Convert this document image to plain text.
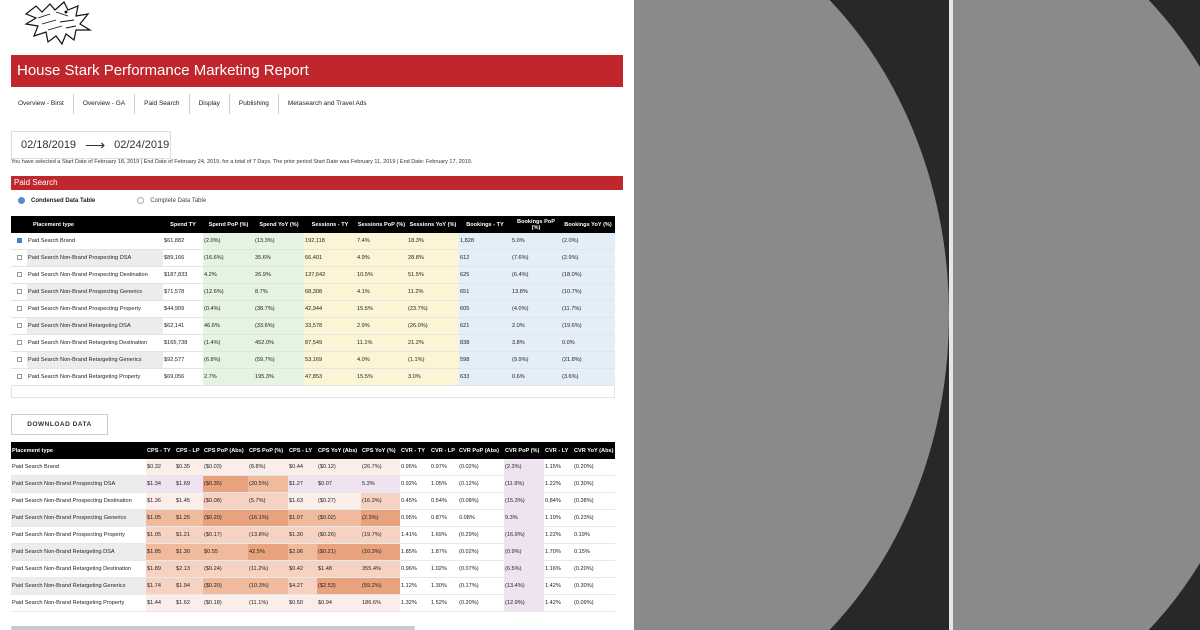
House Stark Performance Marketing Report
Overview - Birst	Overview - GA	Paid Search	Display	Publishing	Metasearch and Travel Ads
02/18/2019 ⟶ 02/24/2019
You have selected a Start Date of February 18, 2019 | End Date of February 24, 2019, for a total of 7 Days. The prior period Start Date was February 11, 2019 | End Date: February 17, 2019.
Paid Search
Condensed Data Table	Complete Data Table
	Placement type	Spend TY	Spend PoP (%)	Spend YoY (%)	Sessions - TY	Sessions PoP (%)	Sessions YoY (%)	Bookings - TY	Bookings PoP (%)	Bookings YoY (%)
	Paid Search Brand	$61,882	(2.0%)	(13.3%)	192,118	7.4%	18.3%	1,828	5.0%	(2.0%)
	Paid Search Non-Brand Prospecting DSA	$89,166	(16.6%)	35.6%	66,401	4.9%	28.8%	612	(7.6%)	(2.9%)
	Paid Search Non-Brand Prospecting Destination	$187,833	4.2%	26.9%	137,642	10.5%	51.5%	625	(6.4%)	(18.0%)
	Paid Search Non-Brand Prospecting Generics	$71,578	(12.6%)	8.7%	68,308	4.1%	11.2%	651	13.8%	(10.7%)
	Paid Search Non-Brand Prospecting Property	$44,909	(0.4%)	(38.7%)	42,944	15.5%	(23.7%)	605	(4.0%)	(11.7%)
	Paid Search Non-Brand Retargeting DSA	$62,141	46.6%	(33.6%)	33,578	2.9%	(26.0%)	621	2.0%	(19.6%)
	Paid Search Non-Brand Retargeting Destination	$165,738	(1.4%)	452.0%	87,549	11.1%	21.2%	838	3.8%	0.0%
	Paid Search Non-Brand Retargeting Generics	$92,577	(6.8%)	(59.7%)	53,169	4.0%	(1.1%)	598	(9.9%)	(21.8%)
	Paid Search Non-Brand Retargeting Property	$69,056	2.7%	195.3%	47,853	15.5%	3.0%	633	0.6%	(3.6%)
DOWNLOAD DATA
Placement type	CPS - TY	CPS - LP	CPS PoP (Abs)	CPS PoP (%)	CPS - LY	CPS YoY (Abs)	CPS YoY (%)	CVR - TY	CVR - LP	CVR PoP (Abs)	CVR PoP (%)	CVR - LY	CVR YoY (Abs)
Paid Search Brand	$0.32	$0.35	($0.03)	(8.8%)	$0.44	($0.12)	(26.7%)	0.95%	0.97%	(0.02%)	(2.3%)	1.15%	(0.20%)
Paid Search Non-Brand Prospecting DSA	$1.34	$1.69	($0.35)	(20.5%)	$1.27	$0.07	5.3%	0.92%	1.05%	(0.12%)	(11.9%)	1.22%	(0.30%)
Paid Search Non-Brand Prospecting Destination	$1.36	$1.45	($0.08)	(5.7%)	$1.63	($0.27)	(16.3%)	0.45%	0.54%	(0.08%)	(15.3%)	0.84%	(0.38%)
Paid Search Non-Brand Prospecting Generics	$1.05	$1.25	($0.20)	(16.1%)	$1.07	($0.02)	(2.3%)	0.95%	0.87%	0.08%	9.3%	1.19%	(0.23%)
Paid Search Non-Brand Prospecting Property	$1.05	$1.21	($0.17)	(13.8%)	$1.30	($0.26)	(19.7%)	1.41%	1.69%	(0.29%)	(16.9%)	1.22%	0.19%
Paid Search Non-Brand Retargeting DSA	$1.85	$1.30	$0.55	42.5%	$2.06	($0.21)	(10.3%)	1.85%	1.87%	(0.02%)	(0.9%)	1.70%	0.15%
Paid Search Non-Brand Retargeting Destination	$1.89	$2.13	($0.24)	(11.2%)	$0.42	$1.48	355.4%	0.96%	1.02%	(0.07%)	(6.5%)	1.16%	(0.20%)
Paid Search Non-Brand Retargeting Generics	$1.74	$1.94	($0.20)	(10.3%)	$4.27	($2.53)	(59.2%)	1.12%	1.30%	(0.17%)	(13.4%)	1.42%	(0.30%)
Paid Search Non-Brand Retargeting Property	$1.44	$1.62	($0.18)	(11.1%)	$0.50	$0.94	186.6%	1.32%	1.52%	(0.20%)	(12.9%)	1.42%	(0.09%)
